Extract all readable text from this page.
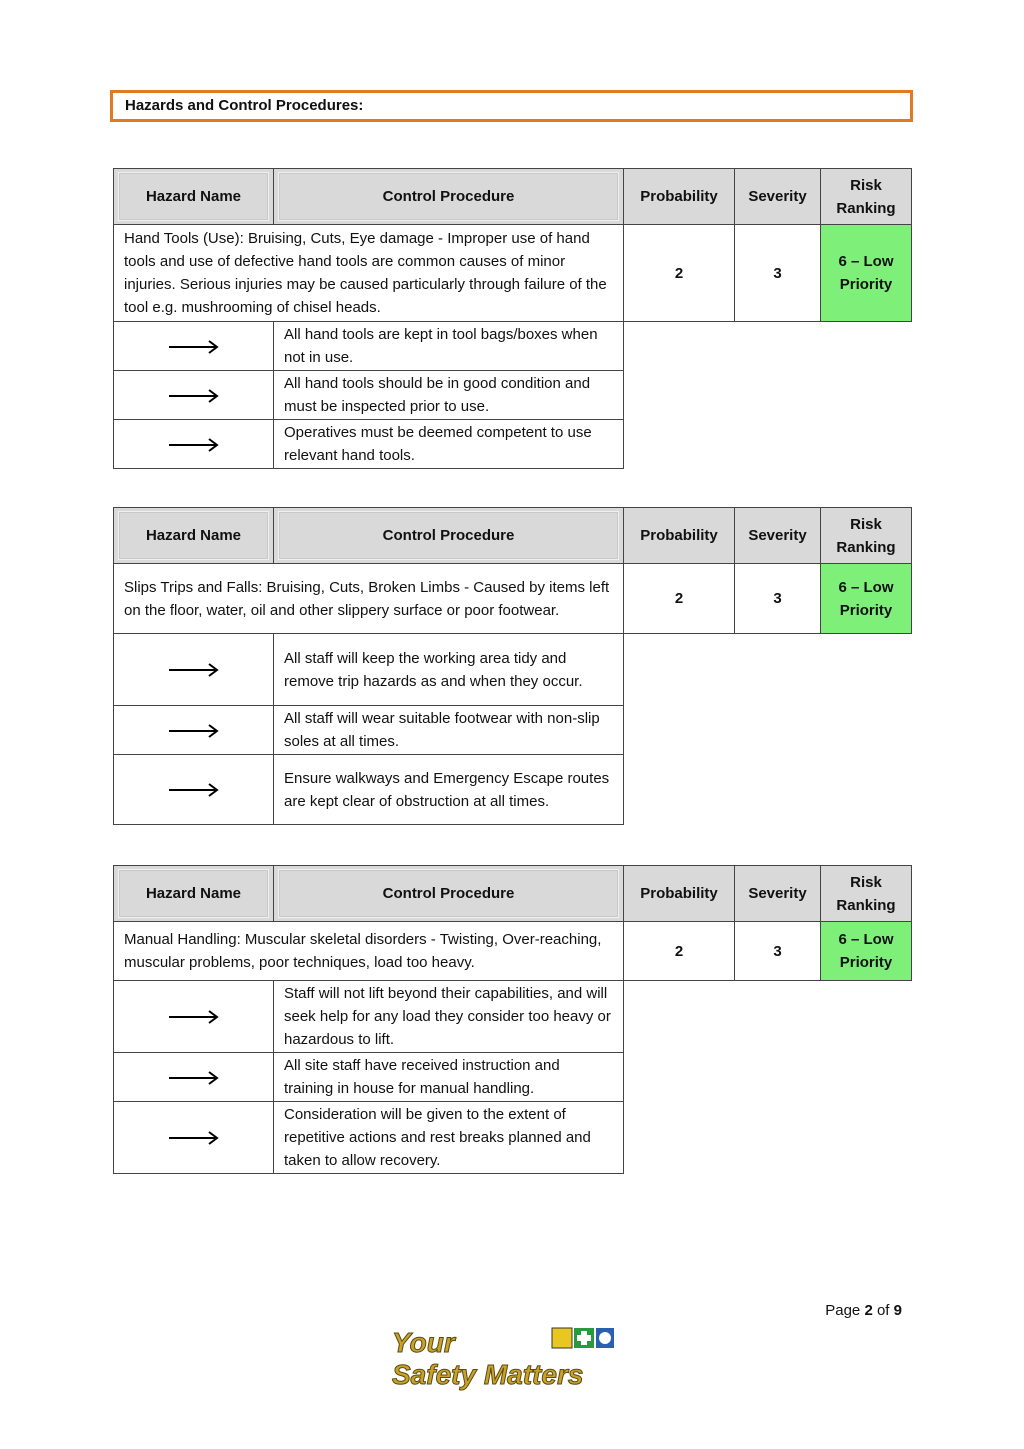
Hazards and Control Procedures:
Hazard Name	Control Procedure	Probability	Severity	Risk
Ranking

Hand Tools (Use): Bruising, Cuts, Eye damage - Improper use of hand tools and use of defective hand tools are common causes of minor injuries. Serious injuries may be caused particularly through failure of the tool e.g. mushrooming of chisel heads.		2	3	6 – Low
Priority

	All hand tools are kept in tool bags/boxes when not in use.			
	All hand tools should be in good condition and must be inspected prior to use.			
	Operatives must be deemed competent to use relevant hand tools.			
Hazard Name	Control Procedure	Probability	Severity	Risk
Ranking

Slips Trips and Falls: Bruising, Cuts, Broken Limbs - Caused by items left on the floor, water, oil and other slippery surface or poor footwear.		2	3	6 – Low
Priority

	All staff will keep the working area tidy and remove trip hazards as and when they occur.			
	All staff will wear suitable footwear with non-slip soles at all times.			
	Ensure walkways and Emergency Escape routes are kept clear of obstruction at all times.			
Hazard Name	Control Procedure	Probability	Severity	Risk
Ranking

Manual Handling: Muscular skeletal disorders - Twisting, Over-reaching, muscular problems, poor techniques, load too heavy.		2	3	6 – Low
Priority

	Staff will not lift beyond their capabilities, and will seek help for any load they consider too heavy or hazardous to lift.			
	All site staff have received instruction and training in house for manual handling.			
	Consideration will be given to the extent of repetitive actions and rest breaks planned and taken to allow recovery.			
Page 2 of 9
Your
Safety Matters
